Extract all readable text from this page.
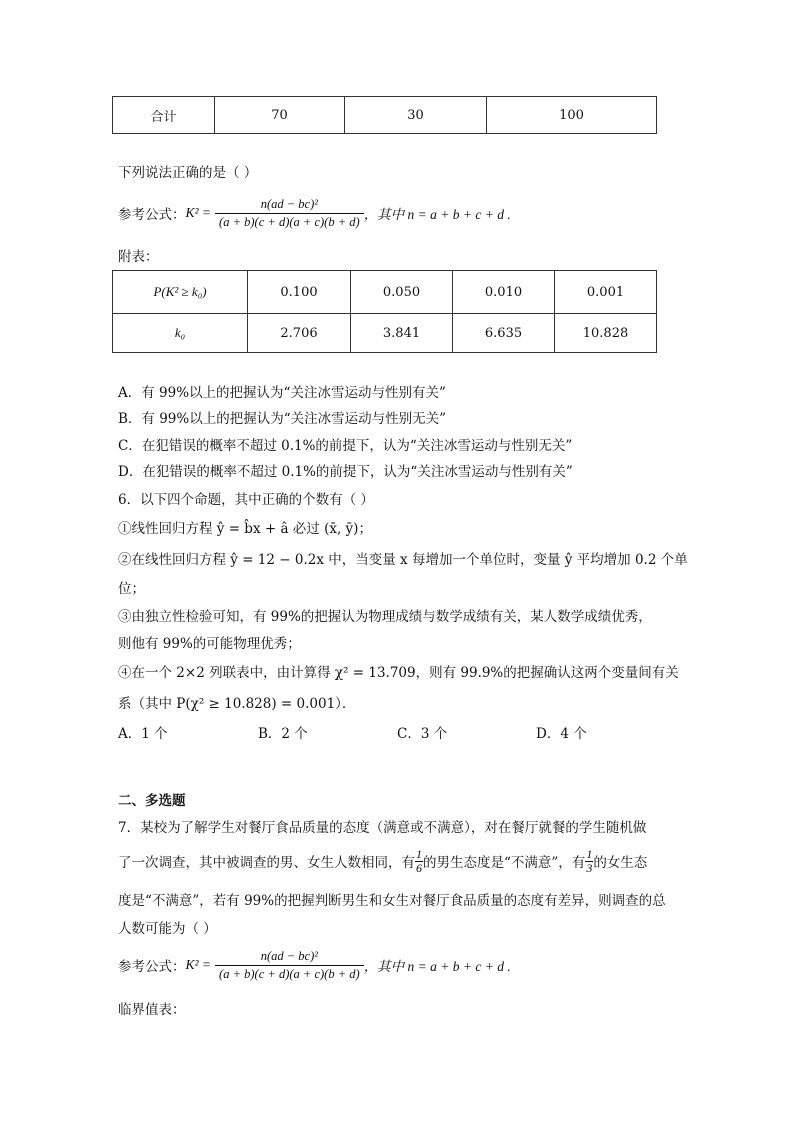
合计	70	30	100
下列说法正确的是（ ）
参考公式： $K^2 = \frac{\text{n(ad − bc)²}}{(a + b)(c + d)(a + c)(b + d)}$ ，其中 n = a + b + c + d .
附表：
P(K² ≥ k₀)	0.100	0.050	0.010	0.001
k₀	2.706	3.841	6.635	10.828
A．有 99%以上的把握认为“关注冰雪运动与性别有关”
B．有 99%以上的把握认为“关注冰雪运动与性别无关”
C．在犯错误的概率不超过 0.1%的前提下，认为“关注冰雪运动与性别无关”
D．在犯错误的概率不超过 0.1%的前提下，认为“关注冰雪运动与性别有关”
6．以下四个命题，其中正确的个数有（ ）
①线性回归方程 ŷ = b̂x + â 必过 (x̄, ȳ)；
②在线性回归方程 ŷ = 12 − 0.2x 中，当变量 x 每增加一个单位时，变量 ŷ 平均增加 0.2 个单
位；
③由独立性检验可知，有 99%的把握认为物理成绩与数学成绩有关，某人数学成绩优秀，
则他有 99%的可能物理优秀；
④在一个 2×2 列联表中，由计算得 χ² = 13.709，则有 99.9%的把握确认这两个变量间有关
系（其中 P(χ² ≥ 10.828) = 0.001）．
A．1 个	B．2 个	C．3 个	D．4 个
二、多选题
7．某校为了解学生对餐厅食品质量的态度（满意或不满意），对在餐厅就餐的学生随机做
了一次调查，其中被调查的男、女生人数相同，有 $\frac{1}{6}$ 的男生态度是“不满意”，有 $\frac{1}{3}$ 的女生态
度是“不满意”，若有 99%的把握判断男生和女生对餐厅食品质量的态度有差异，则调查的总
人数可能为（ ）
参考公式： $K^2 = \frac{\text{n(ad − bc)²}}{(a + b)(c + d)(a + c)(b + d)}$ ，其中 n = a + b + c + d .
临界值表：
